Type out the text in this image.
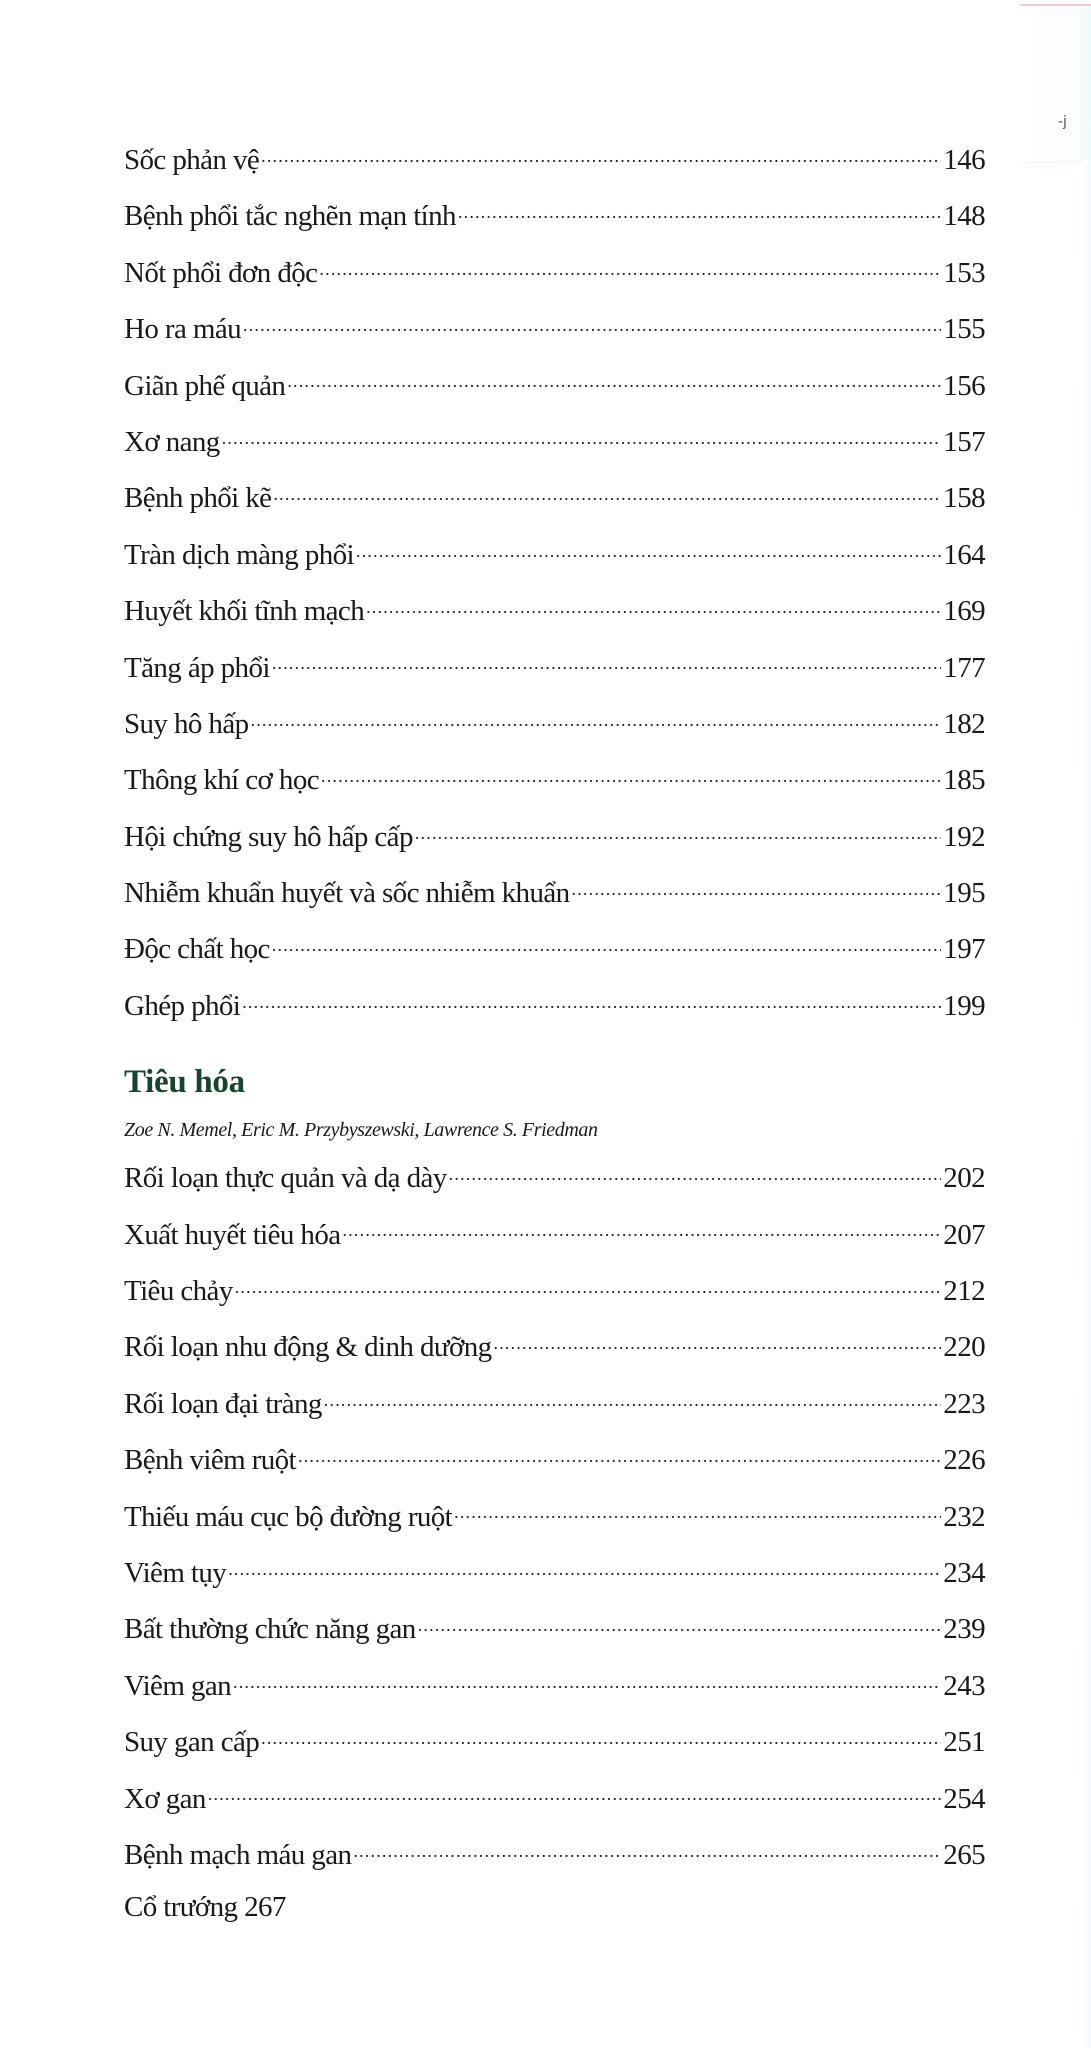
-j
Sốc phản vệ .....	146
Bệnh phổi tắc nghẽn mạn tính .....	148
Nốt phổi đơn độc .....	153
Ho ra máu .....	155
Giãn phế quản .....	156
Xơ nang .....	157
Bệnh phổi kẽ .....	158
Tràn dịch màng phổi .....	164
Huyết khối tĩnh mạch .....	169
Tăng áp phổi .....	177
Suy hô hấp .....	182
Thông khí cơ học .....	185
Hội chứng suy hô hấp cấp .....	192
Nhiễm khuẩn huyết và sốc nhiễm khuẩn .....	195
Độc chất học .....	197
Ghép phổi .....	199
Tiêu hóa
Zoe N. Memel, Eric M. Przybyszewski, Lawrence S. Friedman
Rối loạn thực quản và dạ dày .....	202
Xuất huyết tiêu hóa .....	207
Tiêu chảy .....	212
Rối loạn nhu động & dinh dưỡng .....	220
Rối loạn đại tràng .....	223
Bệnh viêm ruột .....	226
Thiếu máu cục bộ đường ruột .....	232
Viêm tụy .....	234
Bất thường chức năng gan .....	239
Viêm gan .....	243
Suy gan cấp .....	251
Xơ gan .....	254
Bệnh mạch máu gan .....	265
Cổ trướng 267
